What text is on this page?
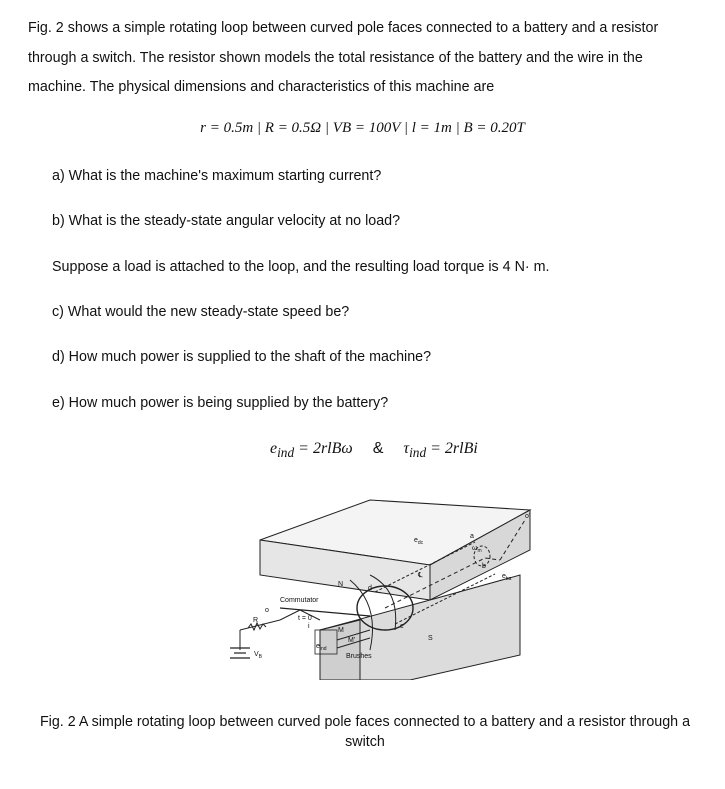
Fig. 2 shows a simple rotating loop between curved pole faces connected to a battery and a resistor through a switch. The resistor shown models the total resistance of the battery and the wire in the machine. The physical dimensions and characteristics of this machine are
r = 0.5m | R = 0.5Ω | VB = 100V | l = 1m | B = 0.20T
a) What is the machine's maximum starting current?
b) What is the steady-state angular velocity at no load?
Suppose a load is attached to the loop, and the resulting load torque is 4 N· m.
c) What would the new steady-state speed be?
d) How much power is supplied to the shaft of the machine?
e) How much power is being supplied by the battery?
$e_{ind} = 2rlB\omega$ & $\tau_{ind}$ = 2rlBi
Commutator
t = 0
R
$V_B$
i
$e_{ind}$
Brushes
M
M'
N
S
d
c
b
a
o
o'
℄
$e_{dc}$
$e_{ba}$
$\omega_m$
Fig. 2 A simple rotating loop between curved pole faces connected to a battery and a resistor through a switch
